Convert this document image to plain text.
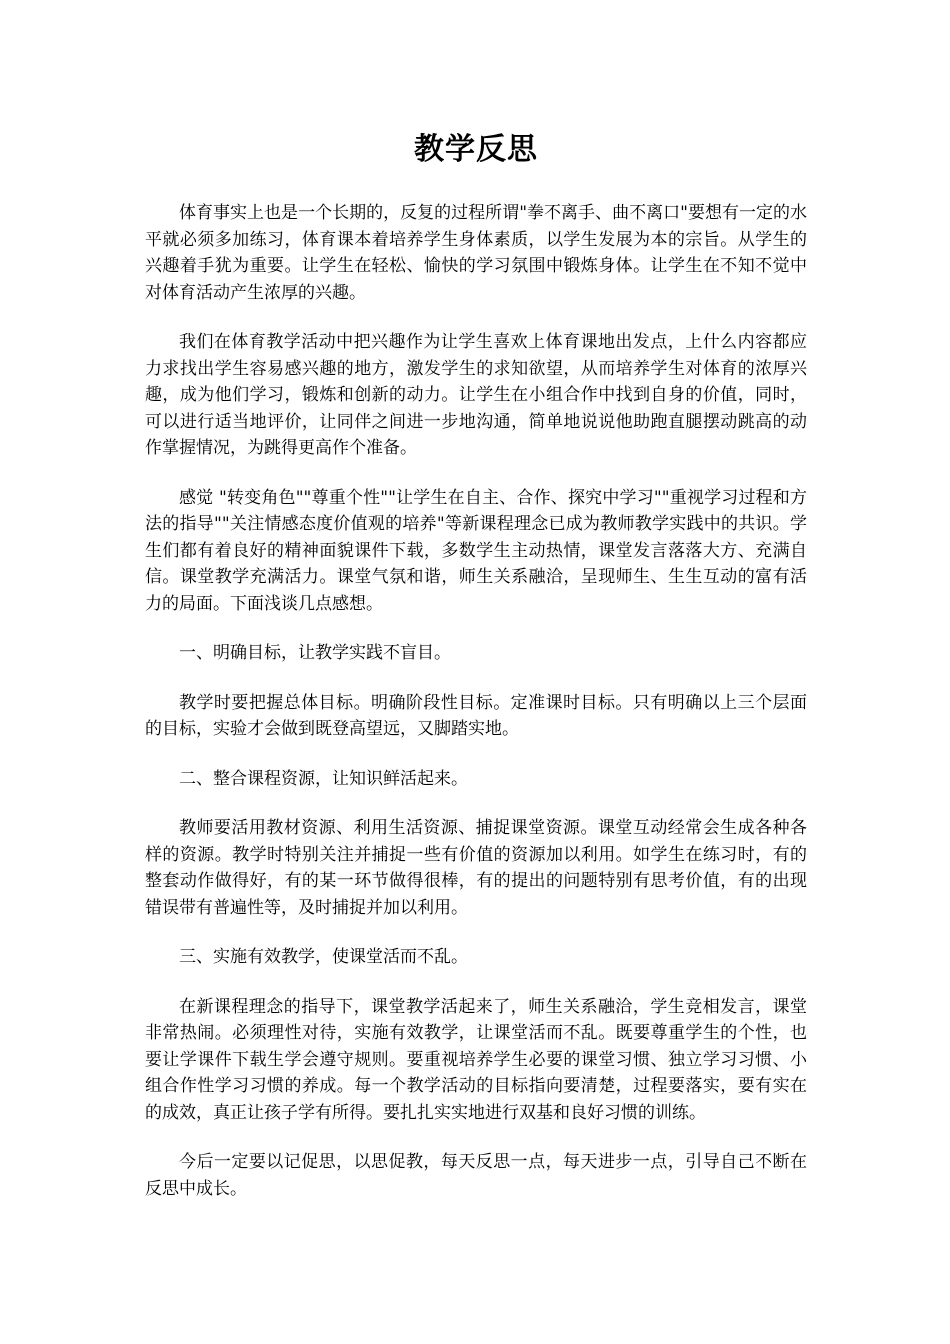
教学反思

体育事实上也是一个长期的，反复的过程所谓"拳不离手、曲不离口"要想有一定的水平就必须多加练习，体育课本着培养学生身体素质，以学生发展为本的宗旨。从学生的兴趣着手犹为重要。让学生在轻松、愉快的学习氛围中锻炼身体。让学生在不知不觉中对体育活动产生浓厚的兴趣。

我们在体育教学活动中把兴趣作为让学生喜欢上体育课地出发点，上什么内容都应力求找出学生容易感兴趣的地方，激发学生的求知欲望，从而培养学生对体育的浓厚兴趣，成为他们学习，锻炼和创新的动力。让学生在小组合作中找到自身的价值，同时，可以进行适当地评价，让同伴之间进一步地沟通，简单地说说他助跑直腿摆动跳高的动作掌握情况，为跳得更高作个准备。

感觉 "转变角色""尊重个性""让学生在自主、合作、探究中学习""重视学习过程和方法的指导""关注情感态度价值观的培养"等新课程理念已成为教师教学实践中的共识。学生们都有着良好的精神面貌课件下载，多数学生主动热情，课堂发言落落大方、充满自信。课堂教学充满活力。课堂气氛和谐，师生关系融洽，呈现师生、生生互动的富有活力的局面。下面浅谈几点感想。

一、明确目标，让教学实践不盲目。

教学时要把握总体目标。明确阶段性目标。定准课时目标。只有明确以上三个层面的目标，实验才会做到既登高望远，又脚踏实地。

二、整合课程资源，让知识鲜活起来。

教师要活用教材资源、利用生活资源、捕捉课堂资源。课堂互动经常会生成各种各样的资源。教学时特别关注并捕捉一些有价值的资源加以利用。如学生在练习时，有的整套动作做得好，有的某一环节做得很棒，有的提出的问题特别有思考价值，有的出现错误带有普遍性等，及时捕捉并加以利用。

三、实施有效教学，使课堂活而不乱。

在新课程理念的指导下，课堂教学活起来了，师生关系融洽，学生竞相发言，课堂非常热闹。必须理性对待，实施有效教学，让课堂活而不乱。既要尊重学生的个性，也要让学课件下载生学会遵守规则。要重视培养学生必要的课堂习惯、独立学习习惯、小组合作性学习习惯的养成。每一个教学活动的目标指向要清楚，过程要落实，要有实在的成效，真正让孩子学有所得。要扎扎实实地进行双基和良好习惯的训练。

今后一定要以记促思，以思促教，每天反思一点，每天进步一点，引导自己不断在反思中成长。
